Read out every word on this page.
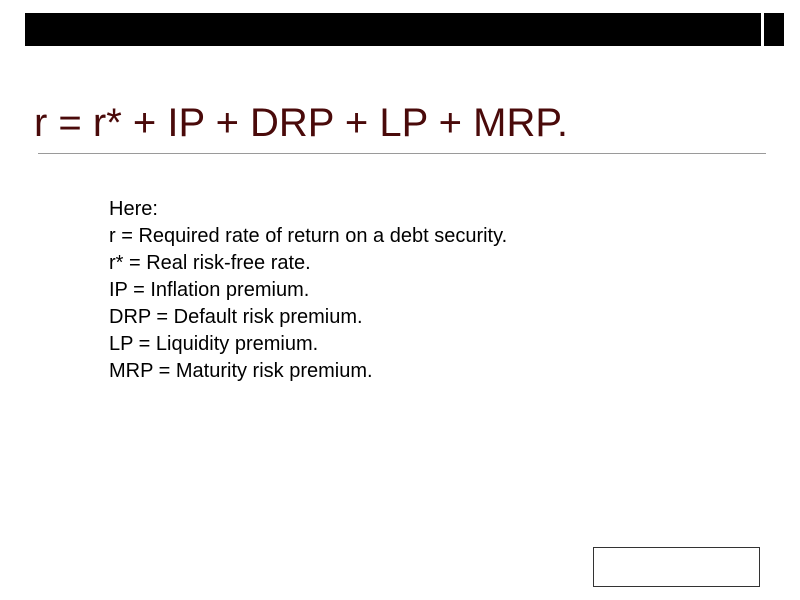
r = r* + IP + DRP + LP + MRP.
Here:
r = Required rate of return on a debt security.
r* = Real risk-free rate.
IP = Inflation premium.
DRP = Default risk premium.
LP = Liquidity premium.
MRP = Maturity risk premium.
